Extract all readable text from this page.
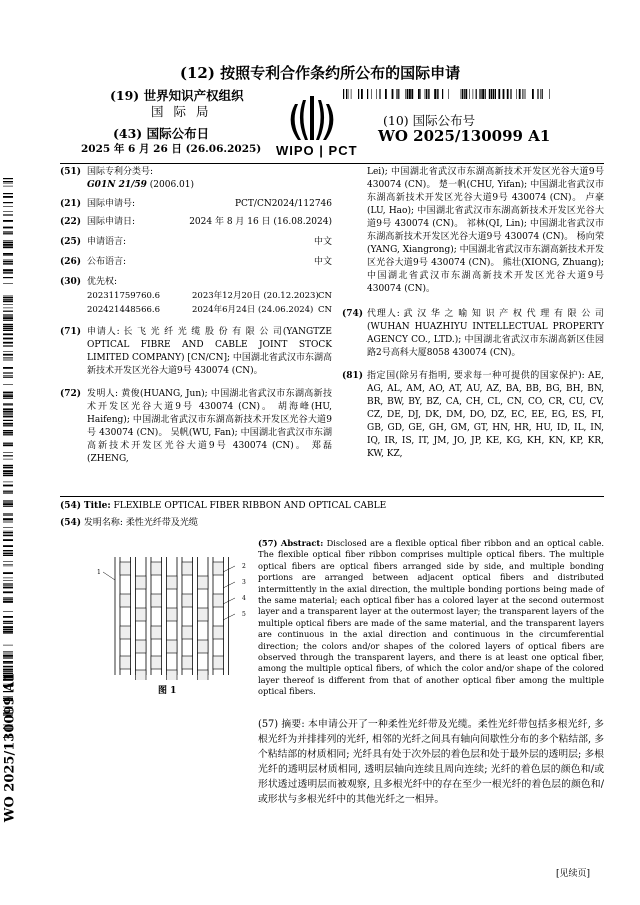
(12) 按照专利合作条约所公布的国际申请
(19) 世界知识产权组织
国 际 局
(43) 国际公布日
2025 年 6 月 26 日 (26.06.2025) WIPO | PCT
(10) 国际公布号
WO 2025/130099 A1
(51) 国际专利分类号:
G01N 21/59 (2006.01)
(21) 国际申请号:	PCT/CN2024/112746
(22) 国际申请日:	2024 年 8 月 16 日 (16.08.2024)
(25) 申请语言:	中文
(26) 公布语言:	中文
(30) 优先权:
202311759760.6	2023年12月20日 (20.12.2023) CN
202421448566.6	2024年6月24日 (24.06.2024) CN
(71) 申请人: 长 飞 光 纤 光 缆 股 份 有 限 公 司(YANGTZE OPTICAL FIBRE AND CABLE JOINT STOCK LIMITED COMPANY) [CN/CN]; 中国湖北省武汉市东湖高新技术开发区光谷大道9号 430074 (CN)。
(72) 发明人: 黄俊(HUANG, Jun); 中国湖北省武汉市东湖高新技术开发区光谷大道9号 430074 (CN)。 胡海峰(HU, Haifeng); 中国湖北省武汉市东湖高新技术开发区光谷大道9号 430074 (CN)。 吴帆(WU, Fan); 中国湖北省武汉市东湖高新技术开发区光谷大道9号 430074 (CN)。 郑磊(ZHENG,
Lei); 中国湖北省武汉市东湖高新技术开发区光谷大道9号 430074 (CN)。 楚一帆(CHU, Yifan); 中国湖北省武汉市东湖高新技术开发区光谷大道9号 430074 (CN)。 卢豪(LU, Hao); 中国湖北省武汉市东湖高新技术开发区光谷大道9号 430074 (CN)。 祁林(QI, Lin); 中国湖北省武汉市东湖高新技术开发区光谷大道9号 430074 (CN)。 杨向荣(YANG, Xiangrong); 中国湖北省武汉市东湖高新技术开发区光谷大道9号 430074 (CN)。 熊壮(XIONG, Zhuang); 中国湖北省武汉市东湖高新技术开发区光谷大道9号 430074 (CN)。
(74) 代理人: 武 汉 华 之 喻 知 识 产 权 代 理 有 限 公 司 (WUHAN HUAZHIYU INTELLECTUAL PROPERTY AGENCY CO., LTD.); 中国湖北省武汉市东湖高新区佳园路2号高科大厦8058 430074 (CN)。
(81) 指定国(除另有指明, 要求每一种可提供的国家保护): AE, AG, AL, AM, AO, AT, AU, AZ, BA, BB, BG, BH, BN, BR, BW, BY, BZ, CA, CH, CL, CN, CO, CR, CU, CV, CZ, DE, DJ, DK, DM, DO, DZ, EC, EE, EG, ES, FI, GB, GD, GE, GH, GM, GT, HN, HR, HU, ID, IL, IN, IQ, IR, IS, IT, JM, JO, JP, KE, KG, KH, KN, KP, KR, KW, KZ,
(54) Title: FLEXIBLE OPTICAL FIBER RIBBON AND OPTICAL CABLE
(54) 发明名称: 柔性光纤带及光缆
1
2
3
4
5
图 1
(57) Abstract: Disclosed are a flexible optical fiber ribbon and an optical cable. The flexible optical fiber ribbon comprises multiple optical fibers. The multiple optical fibers are optical fibers arranged side by side, and multiple bonding portions are arranged between adjacent optical fibers and distributed intermittently in the axial direction, the multiple bonding portions being made of the same material; each optical fiber has a colored layer at the second outermost layer and a transparent layer at the outermost layer; the transparent layers of the multiple optical fibers are made of the same material, and the transparent layers are continuous in the axial direction and continuous in the circumferential direction; the colors and/or shapes of the colored layers of optical fibers are observed through the transparent layers, and there is at least one optical fiber, among the multiple optical fibers, of which the color and/or shape of the colored layer thereof is different from that of another optical fiber among the multiple optical fibers.
(57) 摘要: 本申请公开了一种柔性光纤带及光缆。柔性光纤带包括多根光纤, 多根光纤为并排排列的光纤, 相邻的光纤之间具有轴向间歇性分布的多个粘结部, 多个粘结部的材质相同; 光纤具有处于次外层的着色层和处于最外层的透明层; 多根光纤的透明层材质相同, 透明层轴向连续且周向连续; 光纤的着色层的颜色和/或形状透过透明层而被观察, 且多根光纤中的存在至少一根光纤的着色层的颜色和/或形状与多根光纤中的其他光纤之一相异。
WO 2025/130099 A1
[见续页]
